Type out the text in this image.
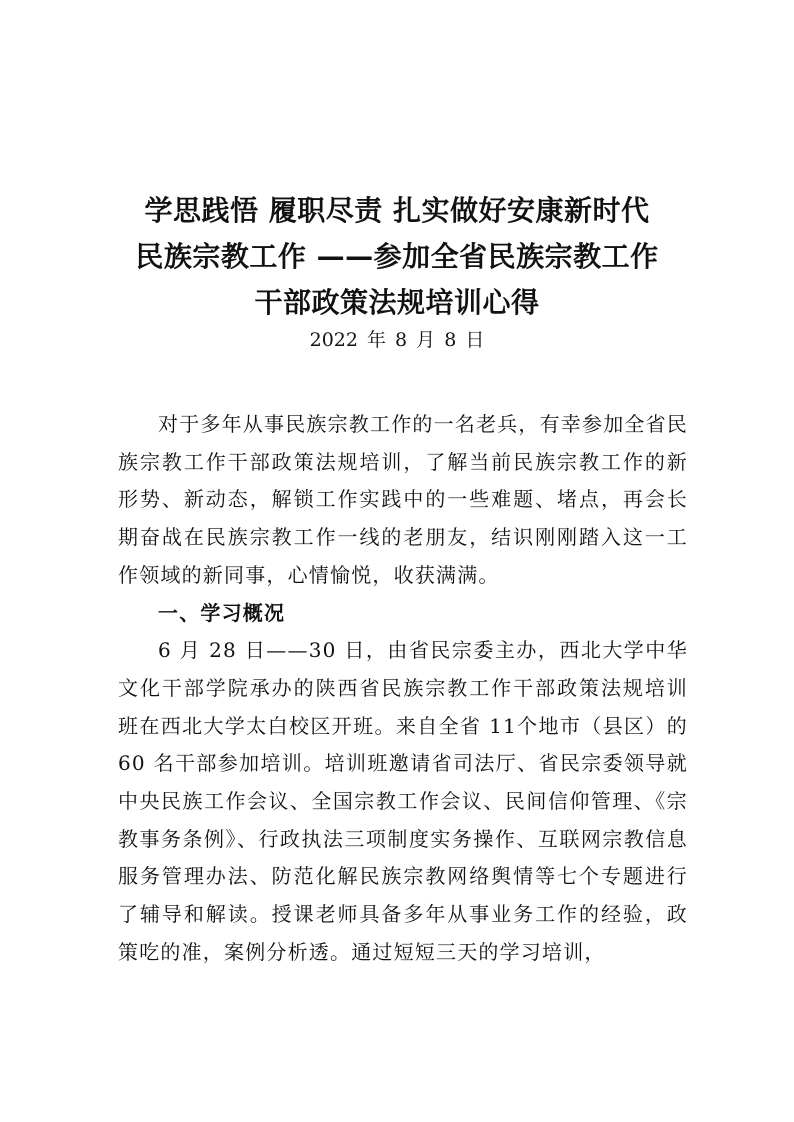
学思践悟 履职尽责 扎实做好安康新时代
民族宗教工作 ——参加全省民族宗教工作
干部政策法规培训心得
2022 年 8 月 8 日

对于多年从事民族宗教工作的一名老兵，有幸参加全省民族宗教工作干部政策法规培训，了解当前民族宗教工作的新形势、新动态，解锁工作实践中的一些难题、堵点，再会长期奋战在民族宗教工作一线的老朋友，结识刚刚踏入这一工作领域的新同事，心情愉悦，收获满满。

一、学习概况

6 月 28 日——30 日，由省民宗委主办，西北大学中华文化干部学院承办的陕西省民族宗教工作干部政策法规培训班在西北大学太白校区开班。来自全省 11个地市（县区）的 60 名干部参加培训。培训班邀请省司法厅、省民宗委领导就中央民族工作会议、全国宗教工作会议、民间信仰管理、《宗教事务条例》、行政执法三项制度实务操作、互联网宗教信息服务管理办法、防范化解民族宗教网络舆情等七个专题进行了辅导和解读。授课老师具备多年从事业务工作的经验，政策吃的准，案例分析透。通过短短三天的学习培训，
